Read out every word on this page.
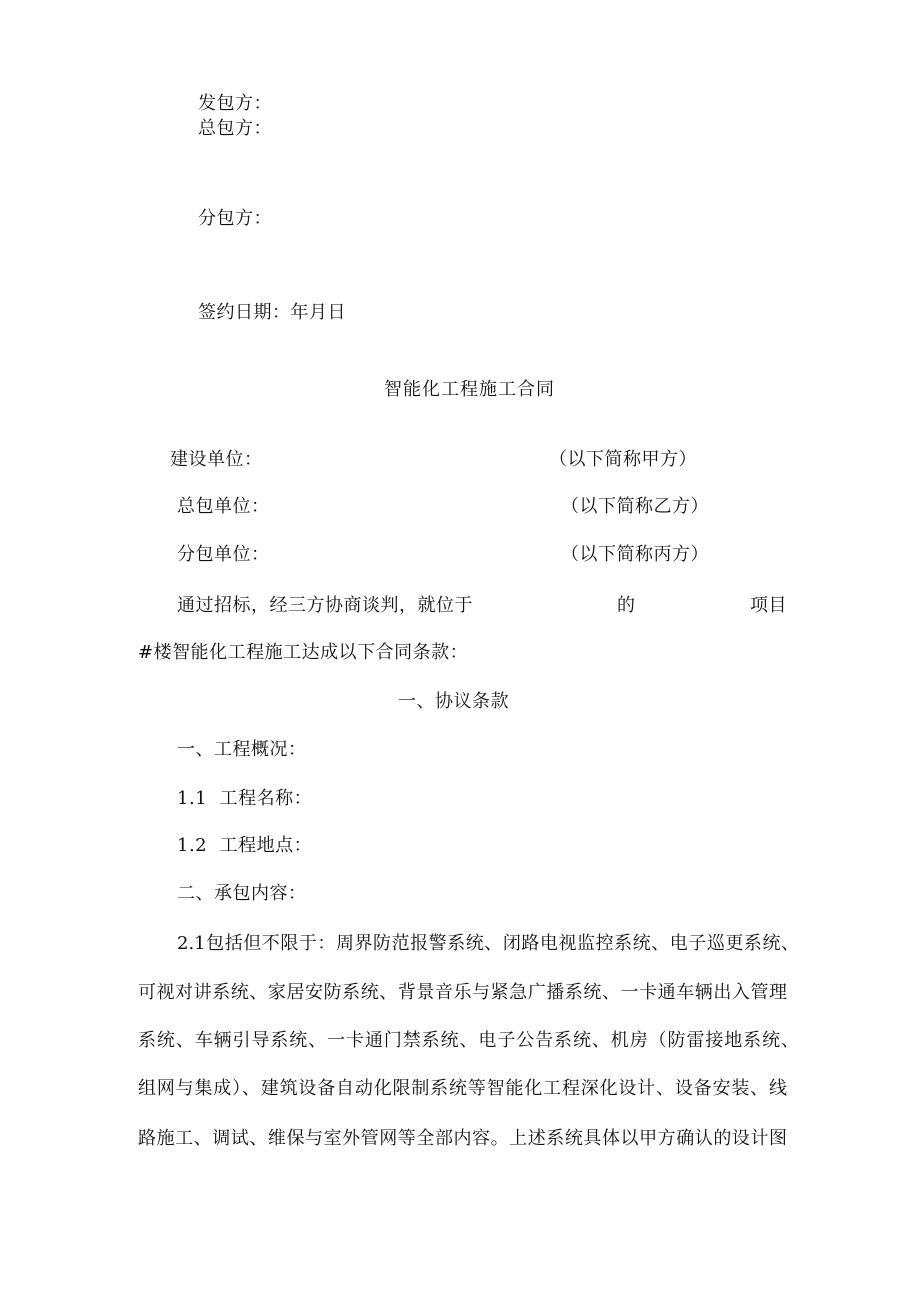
发包方：
总包方：
分包方：
签约日期：年月日
智能化工程施工合同
建设单位：	（以下简称甲方）
总包单位：	（以下简称乙方）
分包单位：	（以下简称丙方）
通过招标，经三方协商谈判，就位于	的	项目
#楼智能化工程施工达成以下合同条款：
一、协议条款
一、工程概况：
1.1  工程名称：
1.2  工程地点：
二、承包内容：
2.1包括但不限于：周界防范报警系统、闭路电视监控系统、电子巡更系统、
可视对讲系统、家居安防系统、背景音乐与紧急广播系统、一卡通车辆出入管理
系统、车辆引导系统、一卡通门禁系统、电子公告系统、机房（防雷接地系统、
组网与集成）、建筑设备自动化限制系统等智能化工程深化设计、设备安装、线
路施工、调试、维保与室外管网等全部内容。上述系统具体以甲方确认的设计图
